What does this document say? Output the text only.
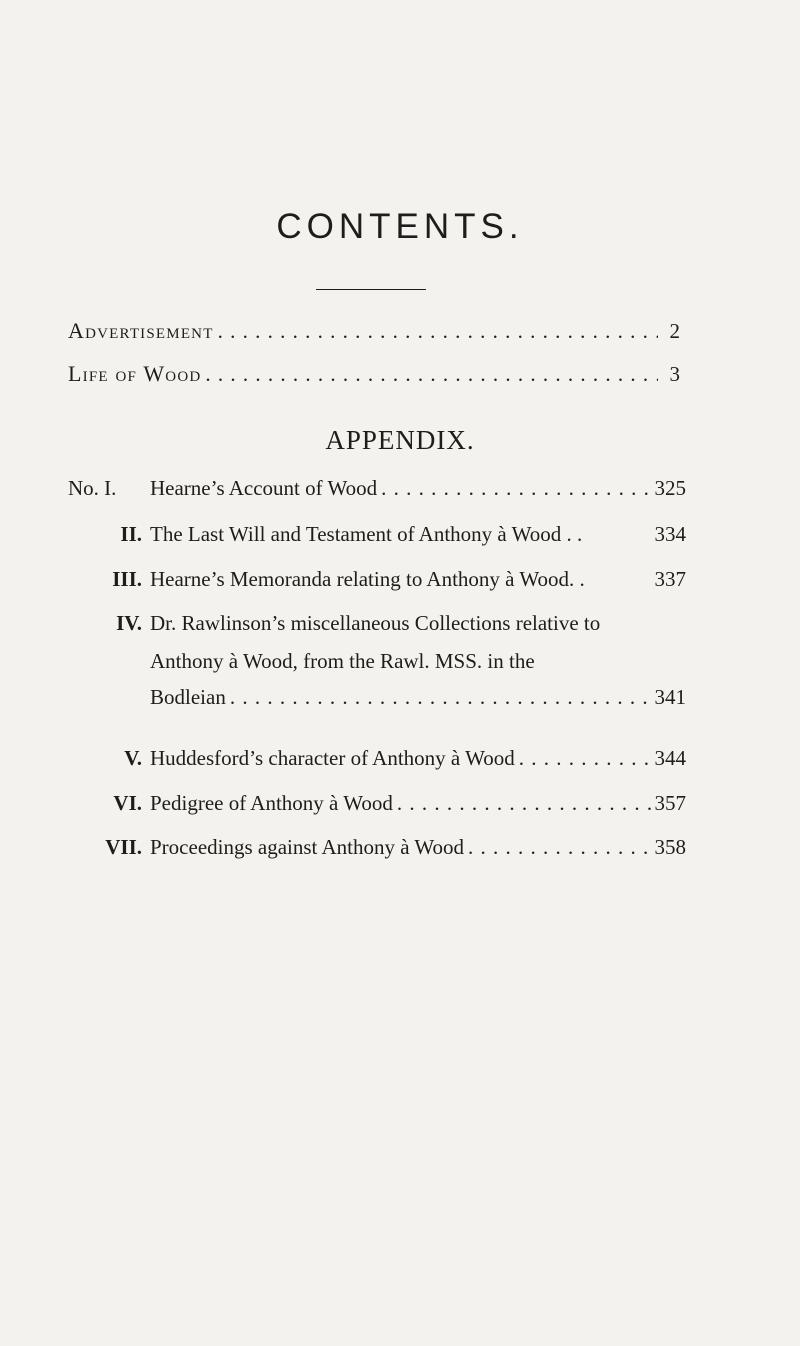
CONTENTS.
Advertisement . . .	2
Life of Wood . . .	3
APPENDIX.
No. I.	Hearne’s Account of Wood . . .	325
II. The Last Will and Testament of Anthony à Wood . .	334
III. Hearne’s Memoranda relating to Anthony à Wood. .	337
IV. Dr. Rawlinson’s miscellaneous Collections relative to
Anthony à Wood, from the Rawl. MSS. in the
Bodleian . . .	341
V. Huddesford’s character of Anthony à Wood . . .	344
VI. Pedigree of Anthony à Wood . . .	357
VII. Proceedings against Anthony à Wood . . .	358
